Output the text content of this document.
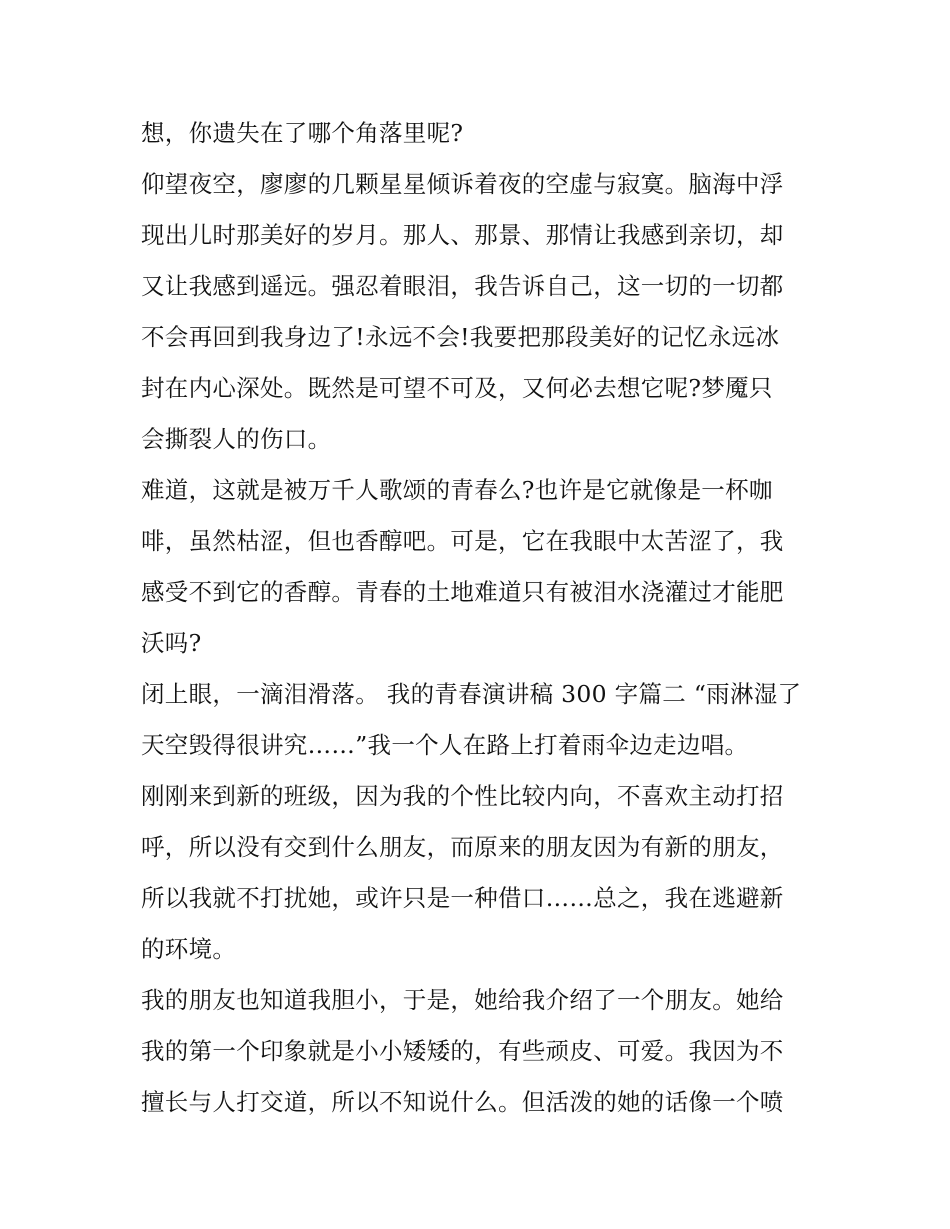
想，你遗失在了哪个角落里呢?
仰望夜空，廖廖的几颗星星倾诉着夜的空虚与寂寞。脑海中浮
现出儿时那美好的岁月。那人、那景、那情让我感到亲切，却
又让我感到遥远。强忍着眼泪，我告诉自己，这一切的一切都
不会再回到我身边了!永远不会!我要把那段美好的记忆永远冰
封在内心深处。既然是可望不可及，又何必去想它呢?梦魇只
会撕裂人的伤口。
难道，这就是被万千人歌颂的青春么?也许是它就像是一杯咖
啡，虽然枯涩，但也香醇吧。可是，它在我眼中太苦涩了，我
感受不到它的香醇。青春的土地难道只有被泪水浇灌过才能肥
沃吗?
闭上眼，一滴泪滑落。 我的青春演讲稿 300 字篇二 “雨淋湿了
天空毁得很讲究……”我一个人在路上打着雨伞边走边唱。
刚刚来到新的班级，因为我的个性比较内向，不喜欢主动打招
呼，所以没有交到什么朋友，而原来的朋友因为有新的朋友，
所以我就不打扰她，或许只是一种借口……总之，我在逃避新
的环境。
我的朋友也知道我胆小，于是，她给我介绍了一个朋友。她给
我的第一个印象就是小小矮矮的，有些顽皮、可爱。我因为不
擅长与人打交道，所以不知说什么。但活泼的她的话像一个喷
